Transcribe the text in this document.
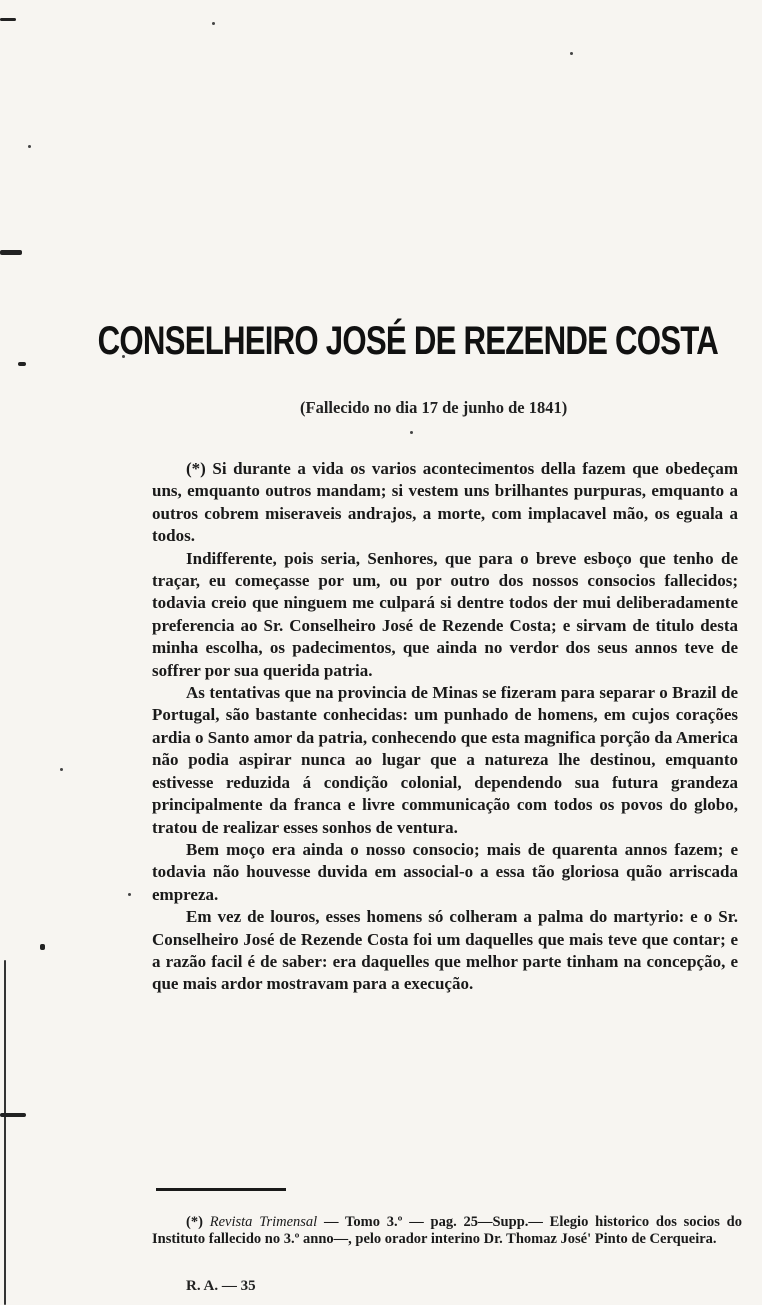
CONSELHEIRO JOSÉ DE REZENDE COSTA
(Fallecido no dia 17 de junho de 1841)

(*) Si durante a vida os varios acontecimentos della fazem que obedeçam uns, emquanto outros mandam; si vestem uns brilhantes purpuras, emquanto a outros cobrem miseraveis andrajos, a morte, com implacavel mão, os eguala a todos.

Indifferente, pois seria, Senhores, que para o breve esboço que tenho de traçar, eu começasse por um, ou por outro dos nossos consocios fallecidos; todavia creio que ninguem me culpará si dentre todos der mui deliberadamente preferencia ao Sr. Conselheiro José de Rezende Costa; e sirvam de titulo desta minha escolha, os padecimentos, que ainda no verdor dos seus annos teve de soffrer por sua querida patria.

As tentativas que na provincia de Minas se fizeram para separar o Brazil de Portugal, são bastante conhecidas: um punhado de homens, em cujos corações ardia o Santo amor da patria, conhecendo que esta magnifica porção da America não podia aspirar nunca ao lugar que a natureza lhe destinou, emquanto estivesse reduzida á condição colonial, dependendo sua futura grandeza principalmente da franca e livre communicação com todos os povos do globo, tratou de realizar esses sonhos de ventura.

Bem moço era ainda o nosso consocio; mais de quarenta annos fazem; e todavia não houvesse duvida em associal-o a essa tão gloriosa quão arriscada empreza.

Em vez de louros, esses homens só colheram a palma do martyrio: e o Sr. Conselheiro José de Rezende Costa foi um daquelles que mais teve que contar; e a razão facil é de saber: era daquelles que melhor parte tinham na concepção, e que mais ardor mostravam para a execução.

(*) Revista Trimensal — Tomo 3.º — pag. 25—Supp.— Elegio historico dos socios do Instituto fallecido no 3.º anno—, pelo orador interino Dr. Thomaz José' Pinto de Cerqueira.

R. A. — 35
